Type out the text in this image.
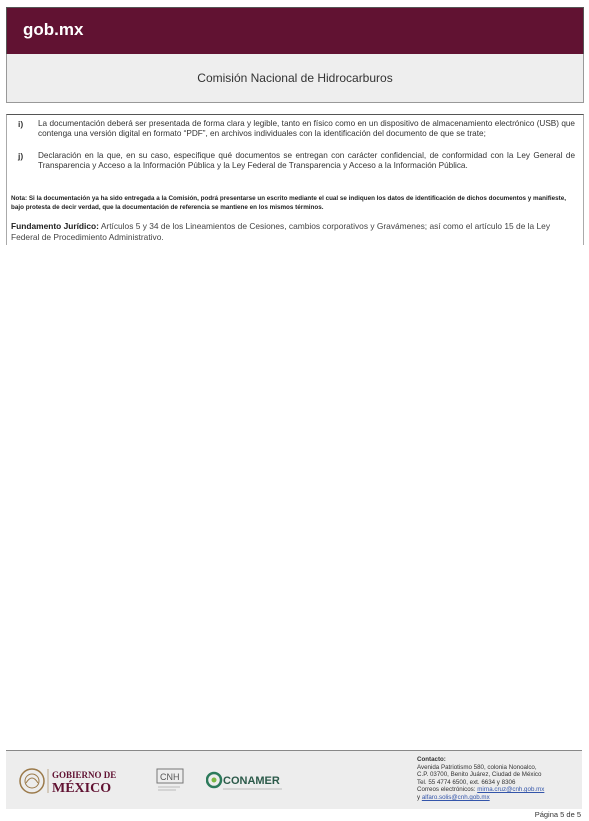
gob.mx
Comisión Nacional de Hidrocarburos
i) La documentación deberá ser presentada de forma clara y legible, tanto en físico como en un dispositivo de almacenamiento electrónico (USB) que contenga una versión digital en formato “PDF”, en archivos individuales con la identificación del documento de que se trate;
j) Declaración en la que, en su caso, especifique qué documentos se entregan con carácter confidencial, de conformidad con la Ley General de Transparencia y Acceso a la Información Pública y la Ley Federal de Transparencia y Acceso a la Información Pública.
Nota: Si la documentación ya ha sido entregada a la Comisión, podrá presentarse un escrito mediante el cual se indiquen los datos de identificación de dichos documentos y manifieste, bajo protesta de decir verdad, que la documentación de referencia se mantiene en los mismos términos.
Fundamento Jurídico: Artículos 5 y 34 de los Lineamientos de Cesiones, cambios corporativos y Gravámenes; así como el artículo 15 de la Ley Federal de Procedimiento Administrativo.
GOBIERNO DE
MÉXICO
CNH	CONAMER
Contacto:
Avenida Patriotismo 580, colonia Nonoalco,
C.P. 03700, Benito Juárez, Ciudad de México
Tel. 55 4774 6500, ext. 6634 y 8306
Correos electrónicos: mirna.cruz@cnh.gob.mx
y alfaro.solis@cnh.gob.mx
Página 5 de 5
